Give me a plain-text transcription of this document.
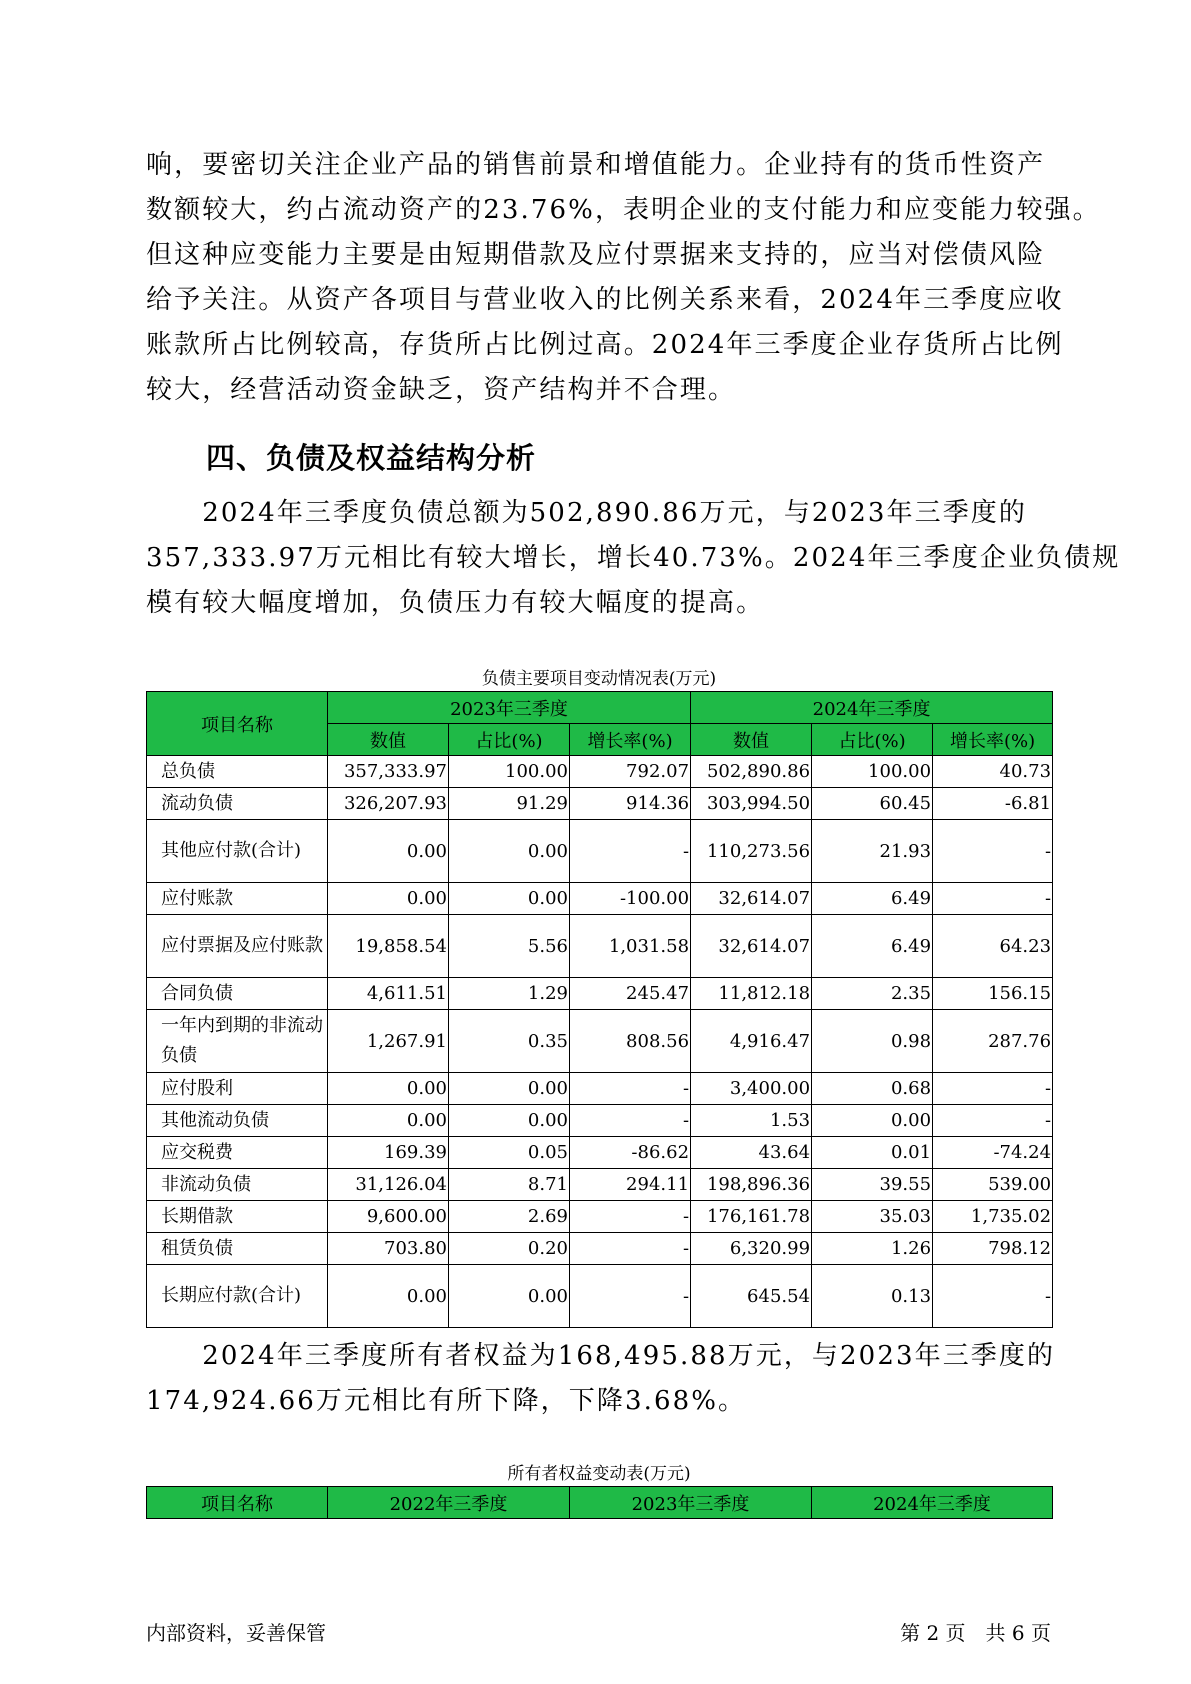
响，要密切关注企业产品的销售前景和增值能力。企业持有的货币性资产
数额较大，约占流动资产的23.76%，表明企业的支付能力和应变能力较强。
但这种应变能力主要是由短期借款及应付票据来支持的，应当对偿债风险
给予关注。从资产各项目与营业收入的比例关系来看，2024年三季度应收
账款所占比例较高，存货所占比例过高。2024年三季度企业存货所占比例
较大，经营活动资金缺乏，资产结构并不合理。
四、负债及权益结构分析
　　2024年三季度负债总额为502,890.86万元，与2023年三季度的
357,333.97万元相比有较大增长，增长40.73%。2024年三季度企业负债规
模有较大幅度增加，负债压力有较大幅度的提高。

负债主要项目变动情况表(万元)

项目名称	2023年三季度			2024年三季度		
	数值	占比(%)	增长率(%)	数值	占比(%)	增长率(%)
总负债	357,333.97	100.00	792.07	502,890.86	100.00	40.73
流动负债	326,207.93	91.29	914.36	303,994.50	60.45	-6.81
其他应付款(合计)	0.00	0.00	-	110,273.56	21.93	-
应付账款	0.00	0.00	-100.00	32,614.07	6.49	-
应付票据及应付账款	19,858.54	5.56	1,031.58	32,614.07	6.49	64.23
合同负债	4,611.51	1.29	245.47	11,812.18	2.35	156.15
一年内到期的非流动负债	1,267.91	0.35	808.56	4,916.47	0.98	287.76
应付股利	0.00	0.00	-	3,400.00	0.68	-
其他流动负债	0.00	0.00	-	1.53	0.00	-
应交税费	169.39	0.05	-86.62	43.64	0.01	-74.24
非流动负债	31,126.04	8.71	294.11	198,896.36	39.55	539.00
长期借款	9,600.00	2.69	-	176,161.78	35.03	1,735.02
租赁负债	703.80	0.20	-	6,320.99	1.26	798.12
长期应付款(合计)	0.00	0.00	-	645.54	0.13	-
　　2024年三季度所有者权益为168,495.88万元，与2023年三季度的
174,924.66万元相比有所下降，下降3.68%。

所有者权益变动表(万元)

项目名称	2022年三季度	2023年三季度	2024年三季度

内部资料，妥善保管	第 2 页　共 6 页
